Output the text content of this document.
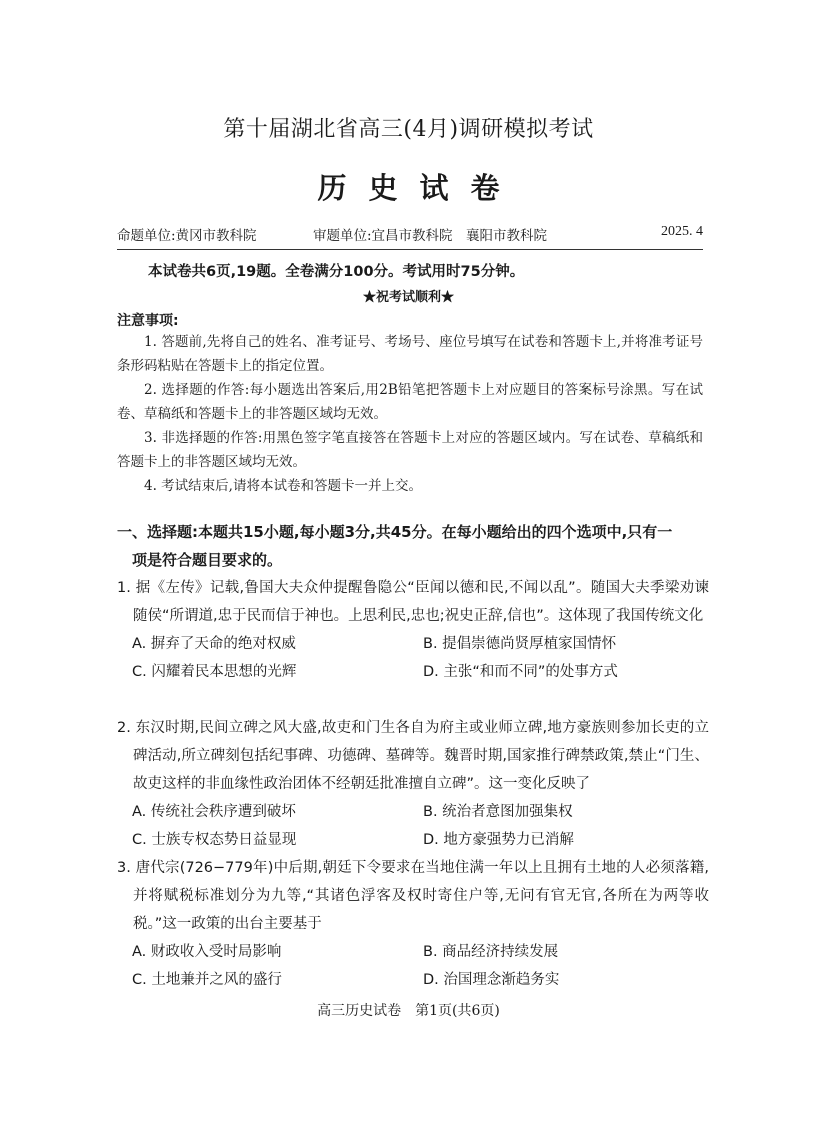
第十届湖北省高三(4月)调研模拟考试
历史试卷
命题单位:黄冈市教科院	审题单位:宜昌市教科院　襄阳市教科院	2025. 4
本试卷共6页,19题。全卷满分100分。考试用时75分钟。
★祝考试顺利★
注意事项:
1. 答题前,先将自己的姓名、准考证号、考场号、座位号填写在试卷和答题卡上,并将准考证号条形码粘贴在答题卡上的指定位置。
2. 选择题的作答:每小题选出答案后,用2B铅笔把答题卡上对应题目的答案标号涂黑。写在试卷、草稿纸和答题卡上的非答题区域均无效。
3. 非选择题的作答:用黑色签字笔直接答在答题卡上对应的答题区域内。写在试卷、草稿纸和答题卡上的非答题区域均无效。
4. 考试结束后,请将本试卷和答题卡一并上交。
一、选择题:本题共15小题,每小题3分,共45分。在每小题给出的四个选项中,只有一
项是符合题目要求的。
1. 据《左传》记载,鲁国大夫众仲提醒鲁隐公“臣闻以德和民,不闻以乱”。随国大夫季梁劝谏随侯“所谓道,忠于民而信于神也。上思利民,忠也;祝史正辞,信也”。这体现了我国传统文化
A. 摒弃了天命的绝对权威	B. 提倡崇德尚贤厚植家国情怀
C. 闪耀着民本思想的光辉	D. 主张“和而不同”的处事方式
2. 东汉时期,民间立碑之风大盛,故吏和门生各自为府主或业师立碑,地方豪族则参加长吏的立碑活动,所立碑刻包括纪事碑、功德碑、墓碑等。魏晋时期,国家推行碑禁政策,禁止“门生、故吏这样的非血缘性政治团体不经朝廷批准擅自立碑”。这一变化反映了
A. 传统社会秩序遭到破坏	B. 统治者意图加强集权
C. 士族专权态势日益显现	D. 地方豪强势力已消解
3. 唐代宗(726−779年)中后期,朝廷下令要求在当地住满一年以上且拥有土地的人必须落籍,并将赋税标准划分为九等,“其诸色浮客及权时寄住户等,无问有官无官,各所在为两等收税。”这一政策的出台主要基于
A. 财政收入受时局影响	B. 商品经济持续发展
C. 土地兼并之风的盛行	D. 治国理念渐趋务实
高三历史试卷　第1页(共6页)
